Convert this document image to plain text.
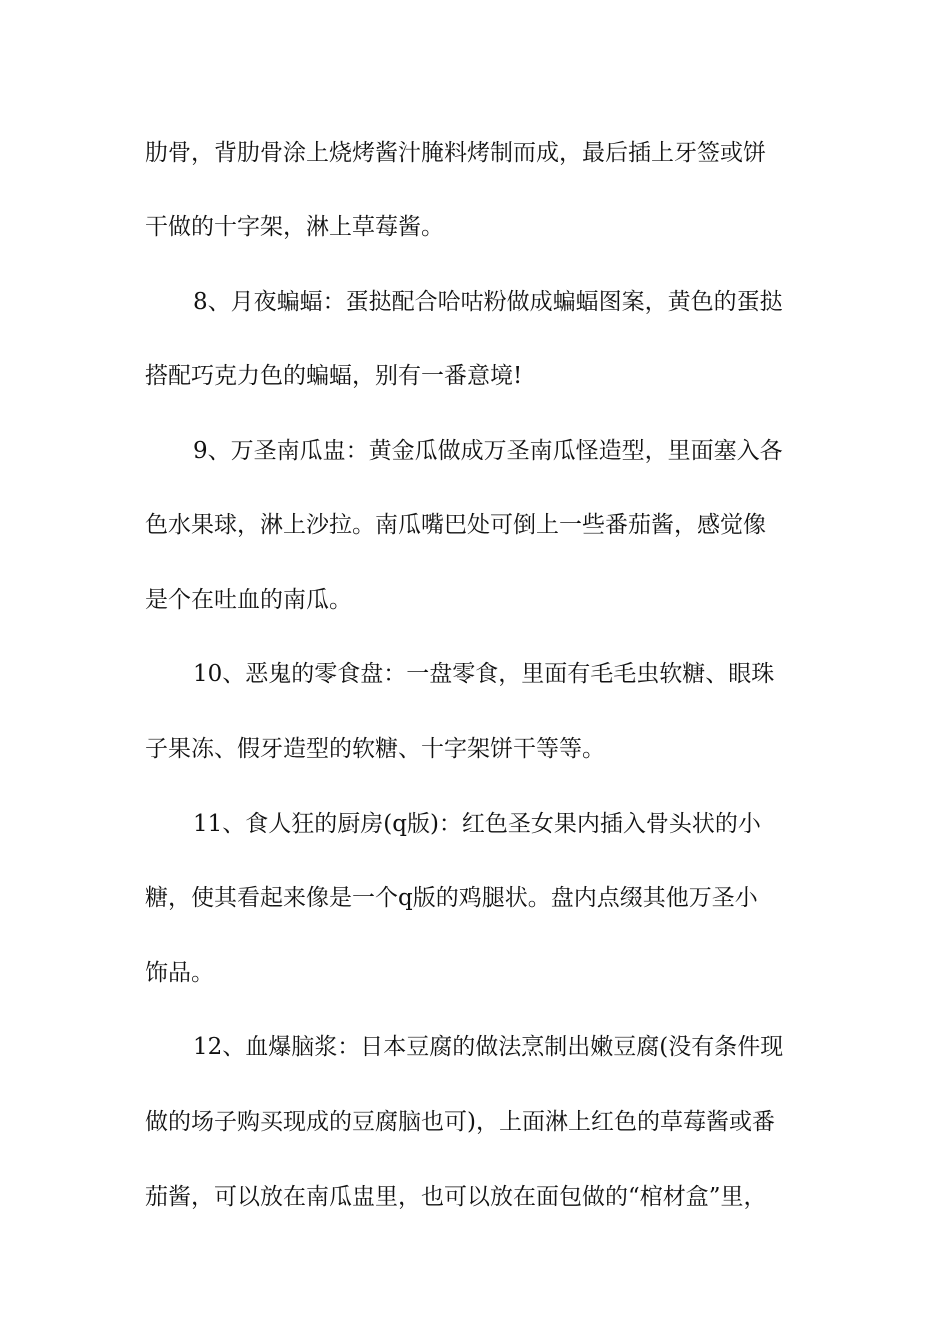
肋骨，背肋骨涂上烧烤酱汁腌料烤制而成，最后插上牙签或饼
干做的十字架，淋上草莓酱。
8、月夜蝙蝠：蛋挞配合哈咕粉做成蝙蝠图案，黄色的蛋挞
搭配巧克力色的蝙蝠，别有一番意境!
9、万圣南瓜盅：黄金瓜做成万圣南瓜怪造型，里面塞入各
色水果球，淋上沙拉。南瓜嘴巴处可倒上一些番茄酱，感觉像
是个在吐血的南瓜。
10、恶鬼的零食盘：一盘零食，里面有毛毛虫软糖、眼珠
子果冻、假牙造型的软糖、十字架饼干等等。
11、食人狂的厨房(q版)：红色圣女果内插入骨头状的小
糖，使其看起来像是一个q版的鸡腿状。盘内点缀其他万圣小
饰品。
12、血爆脑浆：日本豆腐的做法烹制出嫩豆腐(没有条件现
做的场子购买现成的豆腐脑也可)，上面淋上红色的草莓酱或番
茄酱，可以放在南瓜盅里，也可以放在面包做的“棺材盒”里，
